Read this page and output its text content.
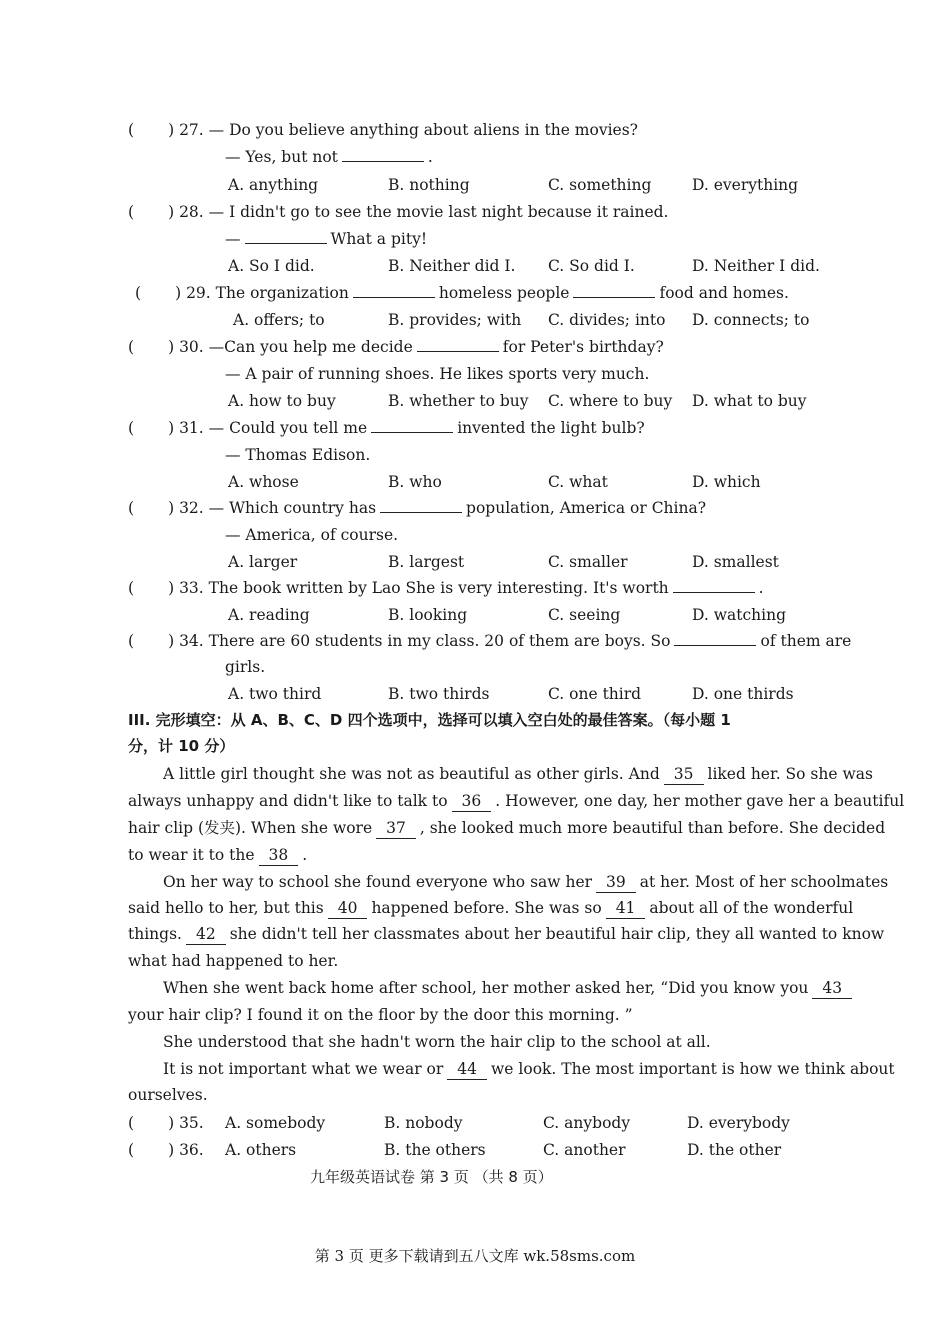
( ) 27. — Do you believe anything about aliens in the movies?
— Yes, but not	.
A. anything	B. nothing	C. something	D. everything
( ) 28. — I didn't go to see the movie last night because it rained.
—	What a pity!
A. So I did.	B. Neither did I. C. So did I.	D. Neither I did.
( ) 29. The organization	homeless people	food and homes.
A. offers; to	B. provides; with C. divides; into D. connects; to
( ) 30. —Can you help me decide	for Peter's birthday?
— A pair of running shoes. He likes sports very much.
A. how to buy	B. whether to buy C. where to buy D. what to buy
( ) 31. — Could you tell me	invented the light bulb?
— Thomas Edison.
A. whose	B. who	C. what	D. which
( ) 32. — Which country has	population, America or China?
— America, of course.
A. larger	B. largest	C. smaller	D. smallest
( ) 33. The book written by Lao She is very interesting. It's worth	.
A. reading	B. looking	C. seeing	D. watching
( ) 34. There are 60 students in my class. 20 of them are boys. So	of them are
girls.
A. two third	B. two thirds	C. one third	D. one thirds
III. 完形填空：从 A、B、C、D 四个选项中，选择可以填入空白处的最佳答案。（每小题 1
分，计 10 分）
A little girl thought she was not as beautiful as other girls. And 35 liked her. So she was
always unhappy and didn't like to talk to 36 . However, one day, her mother gave her a beautiful
hair clip (发夹). When she wore 37 , she looked much more beautiful than before. She decided
to wear it to the 38 .
On her way to school she found everyone who saw her 39 at her. Most of her schoolmates
said hello to her, but this 40 happened before. She was so 41 about all of the wonderful
things. 42 she didn't tell her classmates about her beautiful hair clip, they all wanted to know
what had happened to her.
When she went back home after school, her mother asked her, “Did you know you 43
your hair clip? I found it on the floor by the door this morning. ”
She understood that she hadn't worn the hair clip to the school at all.
It is not important what we wear or 44 we look. The most important is how we think about
ourselves.
( ) 35. A. somebody	B. nobody	C. anybody	D. everybody
( ) 36. A. others	B. the others	C. another	D. the other
九年级英语试卷 第 3 页 （共 8 页）
第 3 页 更多下载请到五八文库 wk.58sms.com
